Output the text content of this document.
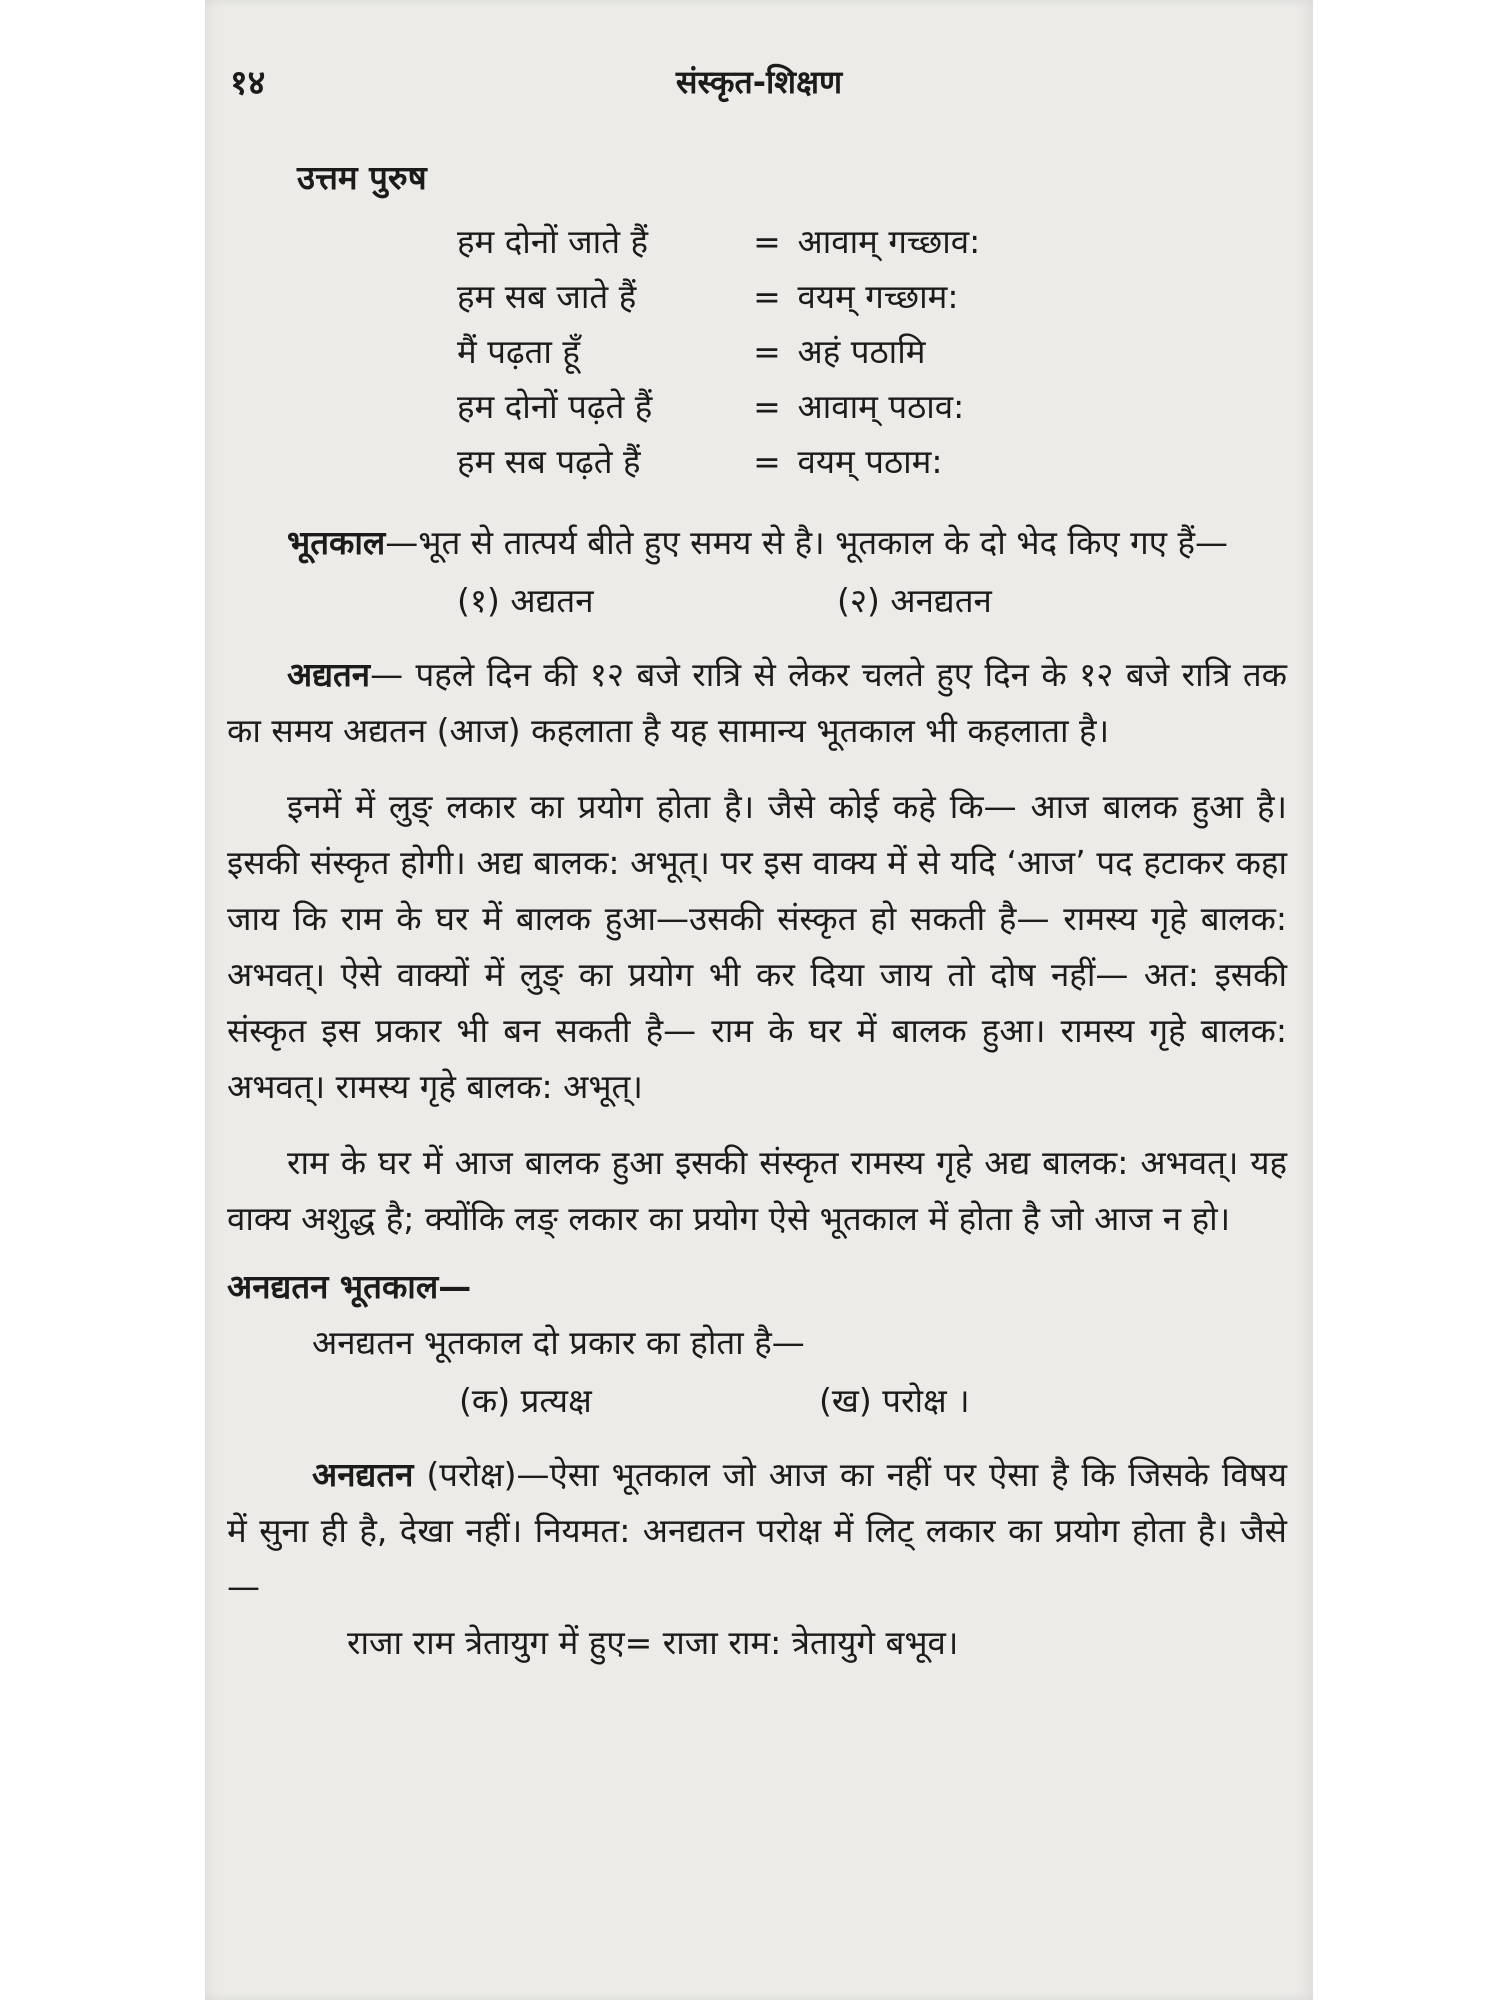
१४	संस्कृत-शिक्षण

उत्तम पुरुष

हम दोनों जाते हैं	= आवाम् गच्छाव:
हम सब जाते हैं	= वयम् गच्छाम:
मैं पढ़ता हूँ	= अहं पठामि
हम दोनों पढ़ते हैं	= आवाम् पठाव:
हम सब पढ़ते हैं	= वयम् पठाम:

भूतकाल—भूत से तात्पर्य बीते हुए समय से है। भूतकाल के दो भेद किए गए हैं—

(१) अद्यतन	(२) अनद्यतन

अद्यतन— पहले दिन की १२ बजे रात्रि से लेकर चलते हुए दिन के १२ बजे रात्रि तक का समय अद्यतन (आज) कहलाता है यह सामान्य भूतकाल भी कहलाता है।

इनमें में लुङ् लकार का प्रयोग होता है। जैसे कोई कहे कि— आज बालक हुआ है। इसकी संस्कृत होगी। अद्य बालक: अभूत्। पर इस वाक्य में से यदि ‘आज’ पद हटाकर कहा जाय कि राम के घर में बालक हुआ—उसकी संस्कृत हो सकती है— रामस्य गृहे बालक: अभवत्। ऐसे वाक्यों में लुङ् का प्रयोग भी कर दिया जाय तो दोष नहीं— अत: इसकी संस्कृत इस प्रकार भी बन सकती है— राम के घर में बालक हुआ। रामस्य गृहे बालक: अभवत्। रामस्य गृहे बालक: अभूत्।

राम के घर में आज बालक हुआ इसकी संस्कृत रामस्य गृहे अद्य बालक: अभवत्। यह वाक्य अशुद्ध है; क्योंकि लङ् लकार का प्रयोग ऐसे भूतकाल में होता है जो आज न हो।

अनद्यतन भूतकाल—

अनद्यतन भूतकाल दो प्रकार का होता है—

(क) प्रत्यक्ष	(ख) परोक्ष ।

अनद्यतन (परोक्ष)—ऐसा भूतकाल जो आज का नहीं पर ऐसा है कि जिसके विषय में सुना ही है, देखा नहीं। नियमत: अनद्यतन परोक्ष में लिट् लकार का प्रयोग होता है। जैसे—

राजा राम त्रेतायुग में हुए= राजा राम: त्रेतायुगे बभूव।
